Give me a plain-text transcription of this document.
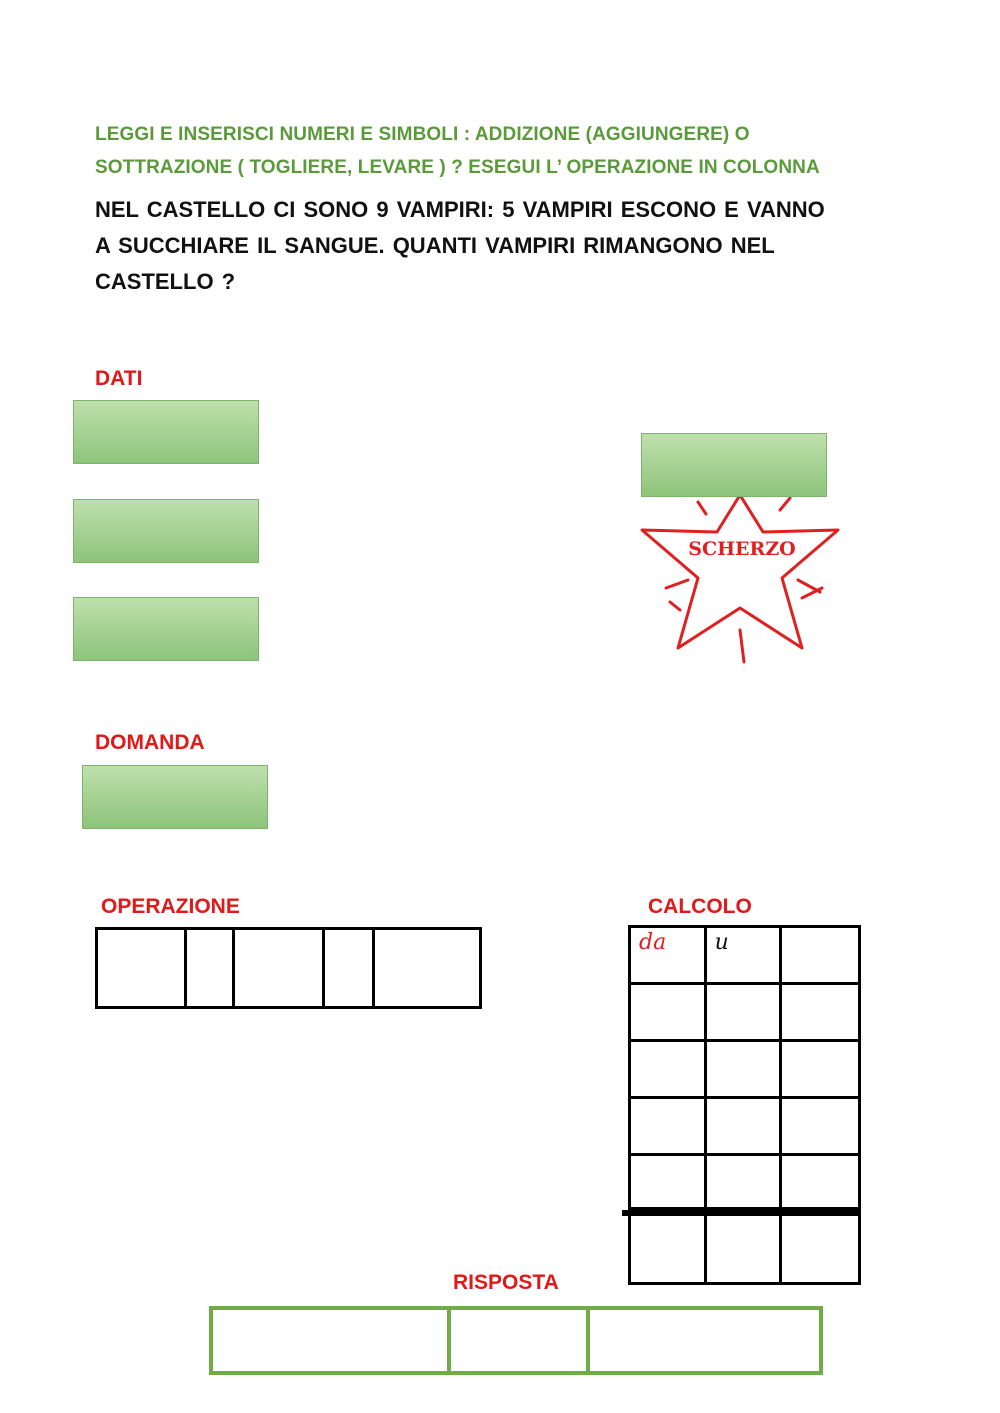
LEGGI E INSERISCI NUMERI E SIMBOLI : ADDIZIONE (AGGIUNGERE) O
SOTTRAZIONE ( TOGLIERE, LEVARE ) ? ESEGUI L’ OPERAZIONE IN COLONNA
NEL CASTELLO CI SONO 9 VAMPIRI: 5 VAMPIRI ESCONO E VANNO
A SUCCHIARE IL SANGUE. QUANTI VAMPIRI RIMANGONO NEL
CASTELLO ?
DATI
SCHERZO
DOMANDA
OPERAZIONE	CALCOLO
da u
RISPOSTA
